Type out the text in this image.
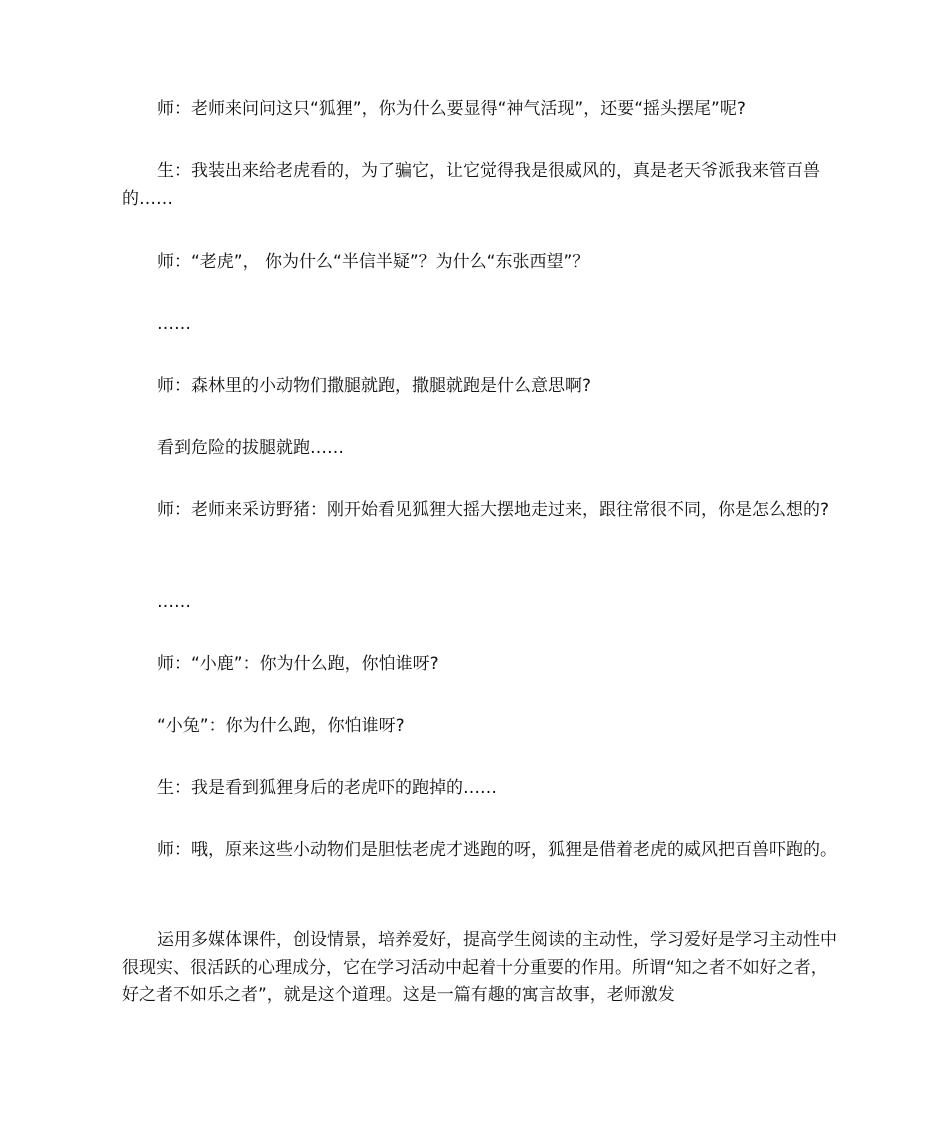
师：老师来问问这只“狐狸”，你为什么要显得“神气活现”，还要“摇头摆尾”呢?

生：我装出来给老虎看的，为了骗它，让它觉得我是很威风的，真是老天爷派我来管百兽的……

师：“老虎”， 你为什么“半信半疑”？为什么“东张西望”？

……

师：森林里的小动物们撒腿就跑，撒腿就跑是什么意思啊?

看到危险的拔腿就跑……

师：老师来采访野猪：刚开始看见狐狸大摇大摆地走过来，跟往常很不同，你是怎么想的?

……

师：“小鹿”：你为什么跑，你怕谁呀?

“小兔”：你为什么跑，你怕谁呀?

生：我是看到狐狸身后的老虎吓的跑掉的……

师：哦，原来这些小动物们是胆怯老虎才逃跑的呀，狐狸是借着老虎的威风把百兽吓跑的。

运用多媒体课件，创设情景，培养爱好，提高学生阅读的主动性，学习爱好是学习主动性中很现实、很活跃的心理成分，它在学习活动中起着十分重要的作用。所谓“知之者不如好之者，好之者不如乐之者”，就是这个道理。这是一篇有趣的寓言故事，老师激发
